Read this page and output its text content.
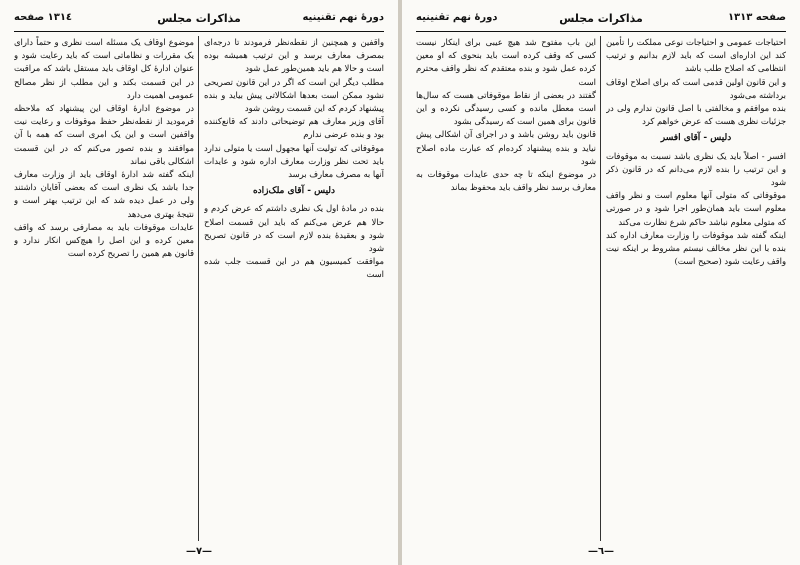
١٣١٤ صفحه	مذاکرات مجلس	دورهٔ نهم تقنینیه

موضوع اوقاف یک مسئله است نظری و حتماً دارای یک مقررات و نظاماتی است که باید رعایت شود و عنوان ادارهٔ کل اوقاف باید مستقل باشد که مراقبت در این قسمت بکند و این مطلب از نظر مصالح عمومی اهمیت دارد

در موضوع ادارهٔ اوقاف این پیشنهاد که ملاحظه فرمودید از نقطه‌نظر حفظ موقوفات و رعایت نیت واقفین است و این یک امری است که همه با آن موافقند و بنده تصور می‌کنم که در این قسمت اشکالی باقی نماند

اینکه گفته شد ادارهٔ اوقاف باید از وزارت معارف جدا باشد یک نظری است که بعضی آقایان داشتند ولی در عمل دیده شد که این ترتیب بهتر است و نتیجهٔ بهتری می‌دهد

عایدات موقوفات باید به مصارفی برسد که واقف معین کرده و این اصل را هیچ‌کس انکار ندارد و قانون هم همین را تصریح کرده است

واقفین و همچنین از نقطه‌نظر فرمودند تا درجه‌ای بمصرف معارف برسد و این ترتیب همیشه بوده است و حالا هم باید همین‌طور عمل شود

مطلب دیگر این است که اگر در این قانون تصریحی نشود ممکن است بعدها اشکالاتی پیش بیاید و بنده پیشنهاد کردم که این قسمت روشن شود

آقای وزیر معارف هم توضیحاتی دادند که قانع‌کننده بود و بنده عرضی ندارم

موقوفاتی که تولیت آنها مجهول است یا متولی ندارد باید تحت نظر وزارت معارف اداره شود و عایدات آنها به مصرف معارف برسد

دلیس - آقای ملک‌زاده

بنده در مادهٔ اول یک نظری داشتم که عرض کردم و حالا هم عرض می‌کنم که باید این قسمت اصلاح شود و بعقیدهٔ بنده لازم است که در قانون تصریح شود

موافقت کمیسیون هم در این قسمت جلب شده است

—٧—
دورهٔ نهم تقنینیه	مذاکرات مجلس	صفحه ١٣١٣

این باب مفتوح شد هیچ عیبی برای اینکار نیست کسی که وقف کرده است باید بنحوی که او معین کرده عمل شود و بنده معتقدم که نظر واقف محترم است

گفتند در بعضی از نقاط موقوفاتی هست که سال‌ها است معطل مانده و کسی رسیدگی نکرده و این قانون برای همین است که رسیدگی بشود

قانون باید روشن باشد و در اجرای آن اشکالی پیش نیاید و بنده پیشنهاد کرده‌ام که عبارت ماده اصلاح شود

در موضوع اینکه تا چه حدی عایدات موقوفات به معارف برسد نظر واقف باید محفوظ بماند

احتیاجات عمومی و احتیاجات نوعی مملکت را تأمین کند این اداره‌ای است که باید لازم بدانیم و ترتیب انتظامی که اصلاح طلب باشد

و این قانون اولین قدمی است که برای اصلاح اوقاف برداشته می‌شود

بنده موافقم و مخالفتی با اصل قانون ندارم ولی در جزئیات نظری هست که عرض خواهم کرد

دلیس - آقای افسر

افسر - اصلاً باید یک نظری باشد نسبت به موقوفات و این ترتیب را بنده لازم می‌دانم که در قانون ذکر شود

موقوفاتی که متولی آنها معلوم است و نظر واقف معلوم است باید همان‌طور اجرا شود و در صورتی که متولی معلوم نباشد حاکم شرع نظارت می‌کند

اینکه گفته شد موقوفات را وزارت معارف اداره کند بنده با این نظر مخالف نیستم مشروط بر اینکه نیت واقف رعایت شود (صحیح است)

—٦—
